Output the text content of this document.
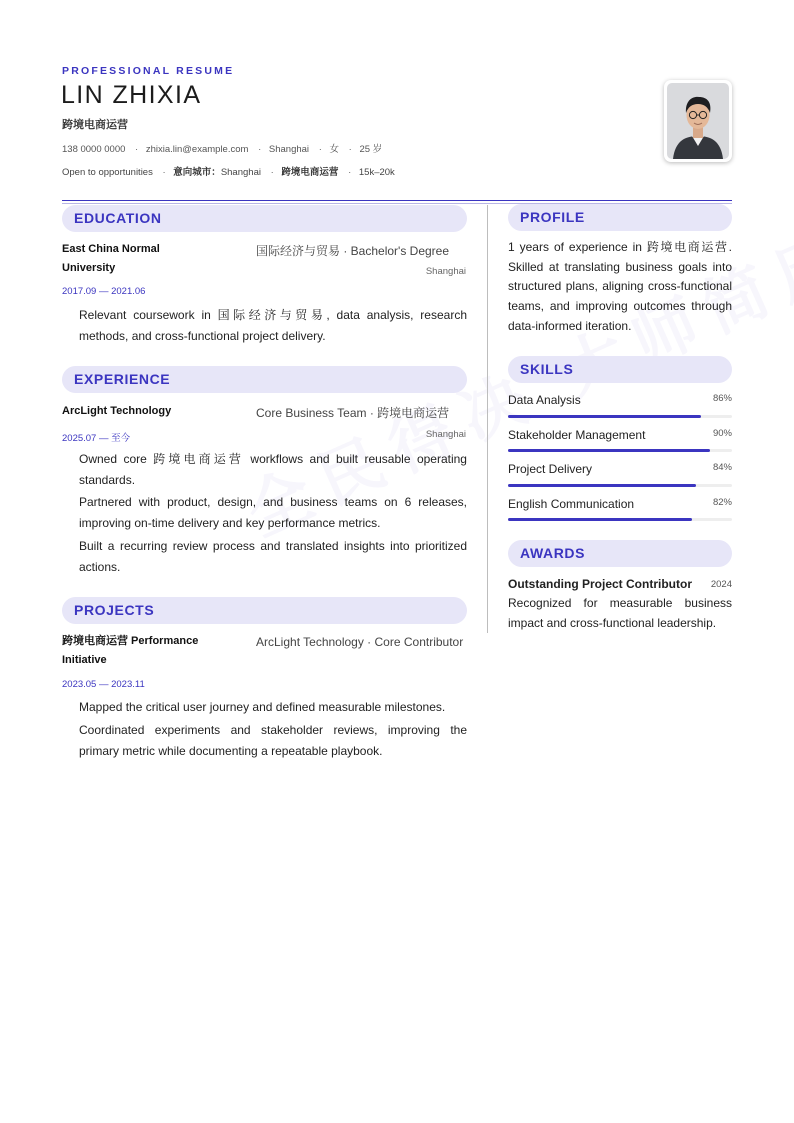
PROFESSIONAL RESUME
LIN ZHIXIA
跨境电商运营
138 0000 0000 · zhixia.lin@example.com · Shanghai · 女 · 25 岁
Open to opportunities · 意向城市：Shanghai · 跨境电商运营 · 15k–20k
EDUCATION
East China Normal University
国际经济与贸易 · Bachelor's Degree
Shanghai
2017.09 — 2021.06
Relevant coursework in 国际经济与贸易, data analysis, research methods, and cross-functional project delivery.
EXPERIENCE
ArcLight Technology	Core Business Team · 跨境电商运营
Shanghai
2025.07 — 至今
Owned core 跨境电商运营 workflows and built reusable operating standards.
Partnered with product, design, and business teams on 6 releases, improving on-time delivery and key performance metrics.
Built a recurring review process and translated insights into prioritized actions.
PROJECTS
跨境电商运营 Performance Initiative
ArcLight Technology · Core Contributor
2023.05 — 2023.11
Mapped the critical user journey and defined measurable milestones.
Coordinated experiments and stakeholder reviews, improving the primary metric while documenting a repeatable playbook.
PROFILE
1 years of experience in 跨境电商运营. Skilled at translating business goals into structured plans, aligning cross-functional teams, and improving outcomes through data-informed iteration.
SKILLS
Data Analysis	86%
Stakeholder Management	90%
Project Delivery	84%
English Communication	82%
AWARDS
Outstanding Project Contributor	2024
Recognized for measurable business impact and cross-functional leadership.
